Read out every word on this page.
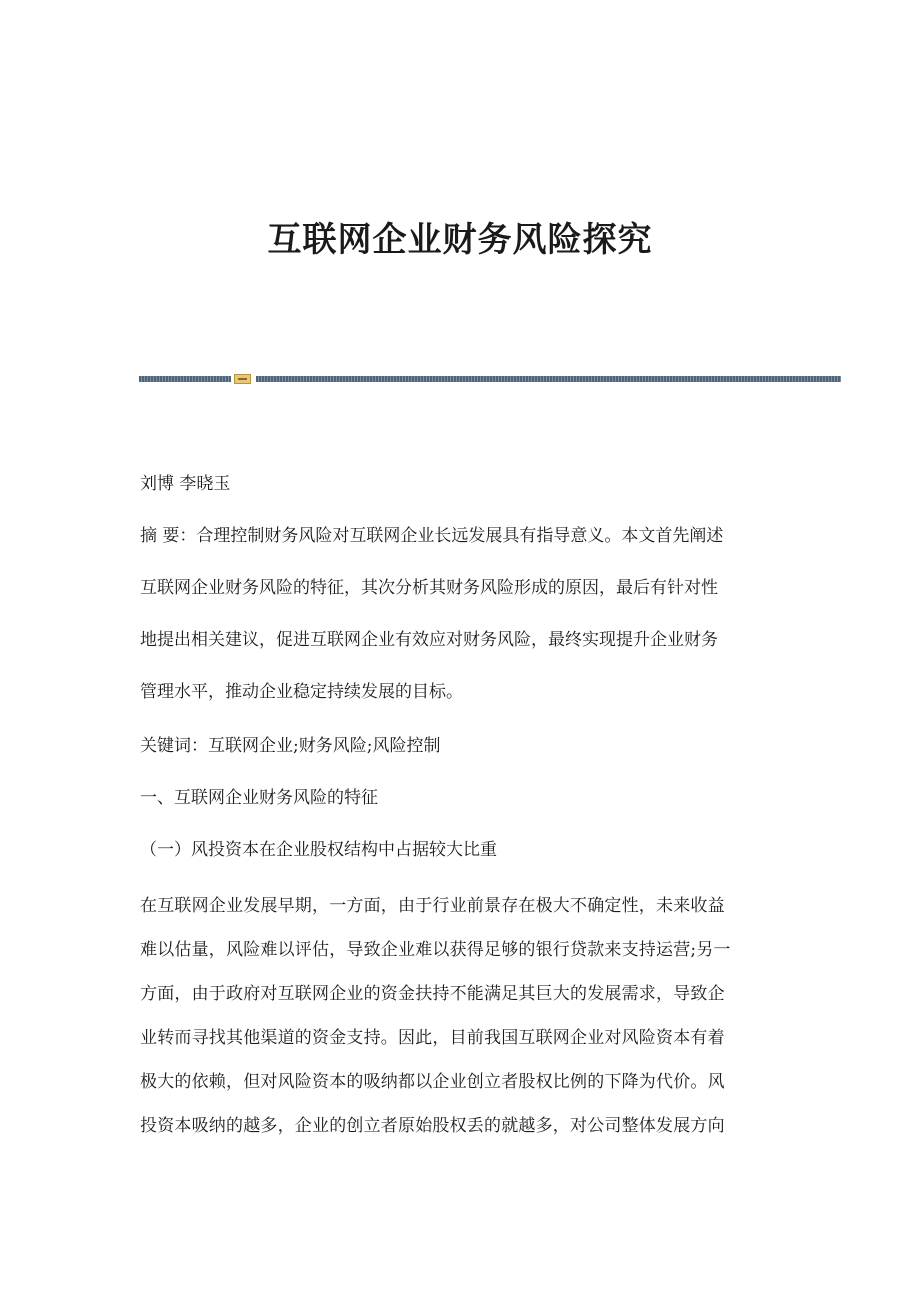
互联网企业财务风险探究
刘博 李晓玉
摘 要：合理控制财务风险对互联网企业长远发展具有指导意义。本文首先阐述
互联网企业财务风险的特征，其次分析其财务风险形成的原因，最后有针对性
地提出相关建议，促进互联网企业有效应对财务风险，最终实现提升企业财务
管理水平，推动企业稳定持续发展的目标。
关键词：互联网企业;财务风险;风险控制
一、互联网企业财务风险的特征
（一）风投资本在企业股权结构中占据较大比重
在互联网企业发展早期，一方面，由于行业前景存在极大不确定性，未来收益
难以估量，风险难以评估，导致企业难以获得足够的银行贷款来支持运营;另一
方面，由于政府对互联网企业的资金扶持不能满足其巨大的发展需求，导致企
业转而寻找其他渠道的资金支持。因此，目前我国互联网企业对风险资本有着
极大的依赖，但对风险资本的吸纳都以企业创立者股权比例的下降为代价。风
投资本吸纳的越多，企业的创立者原始股权丢的就越多，对公司整体发展方向
